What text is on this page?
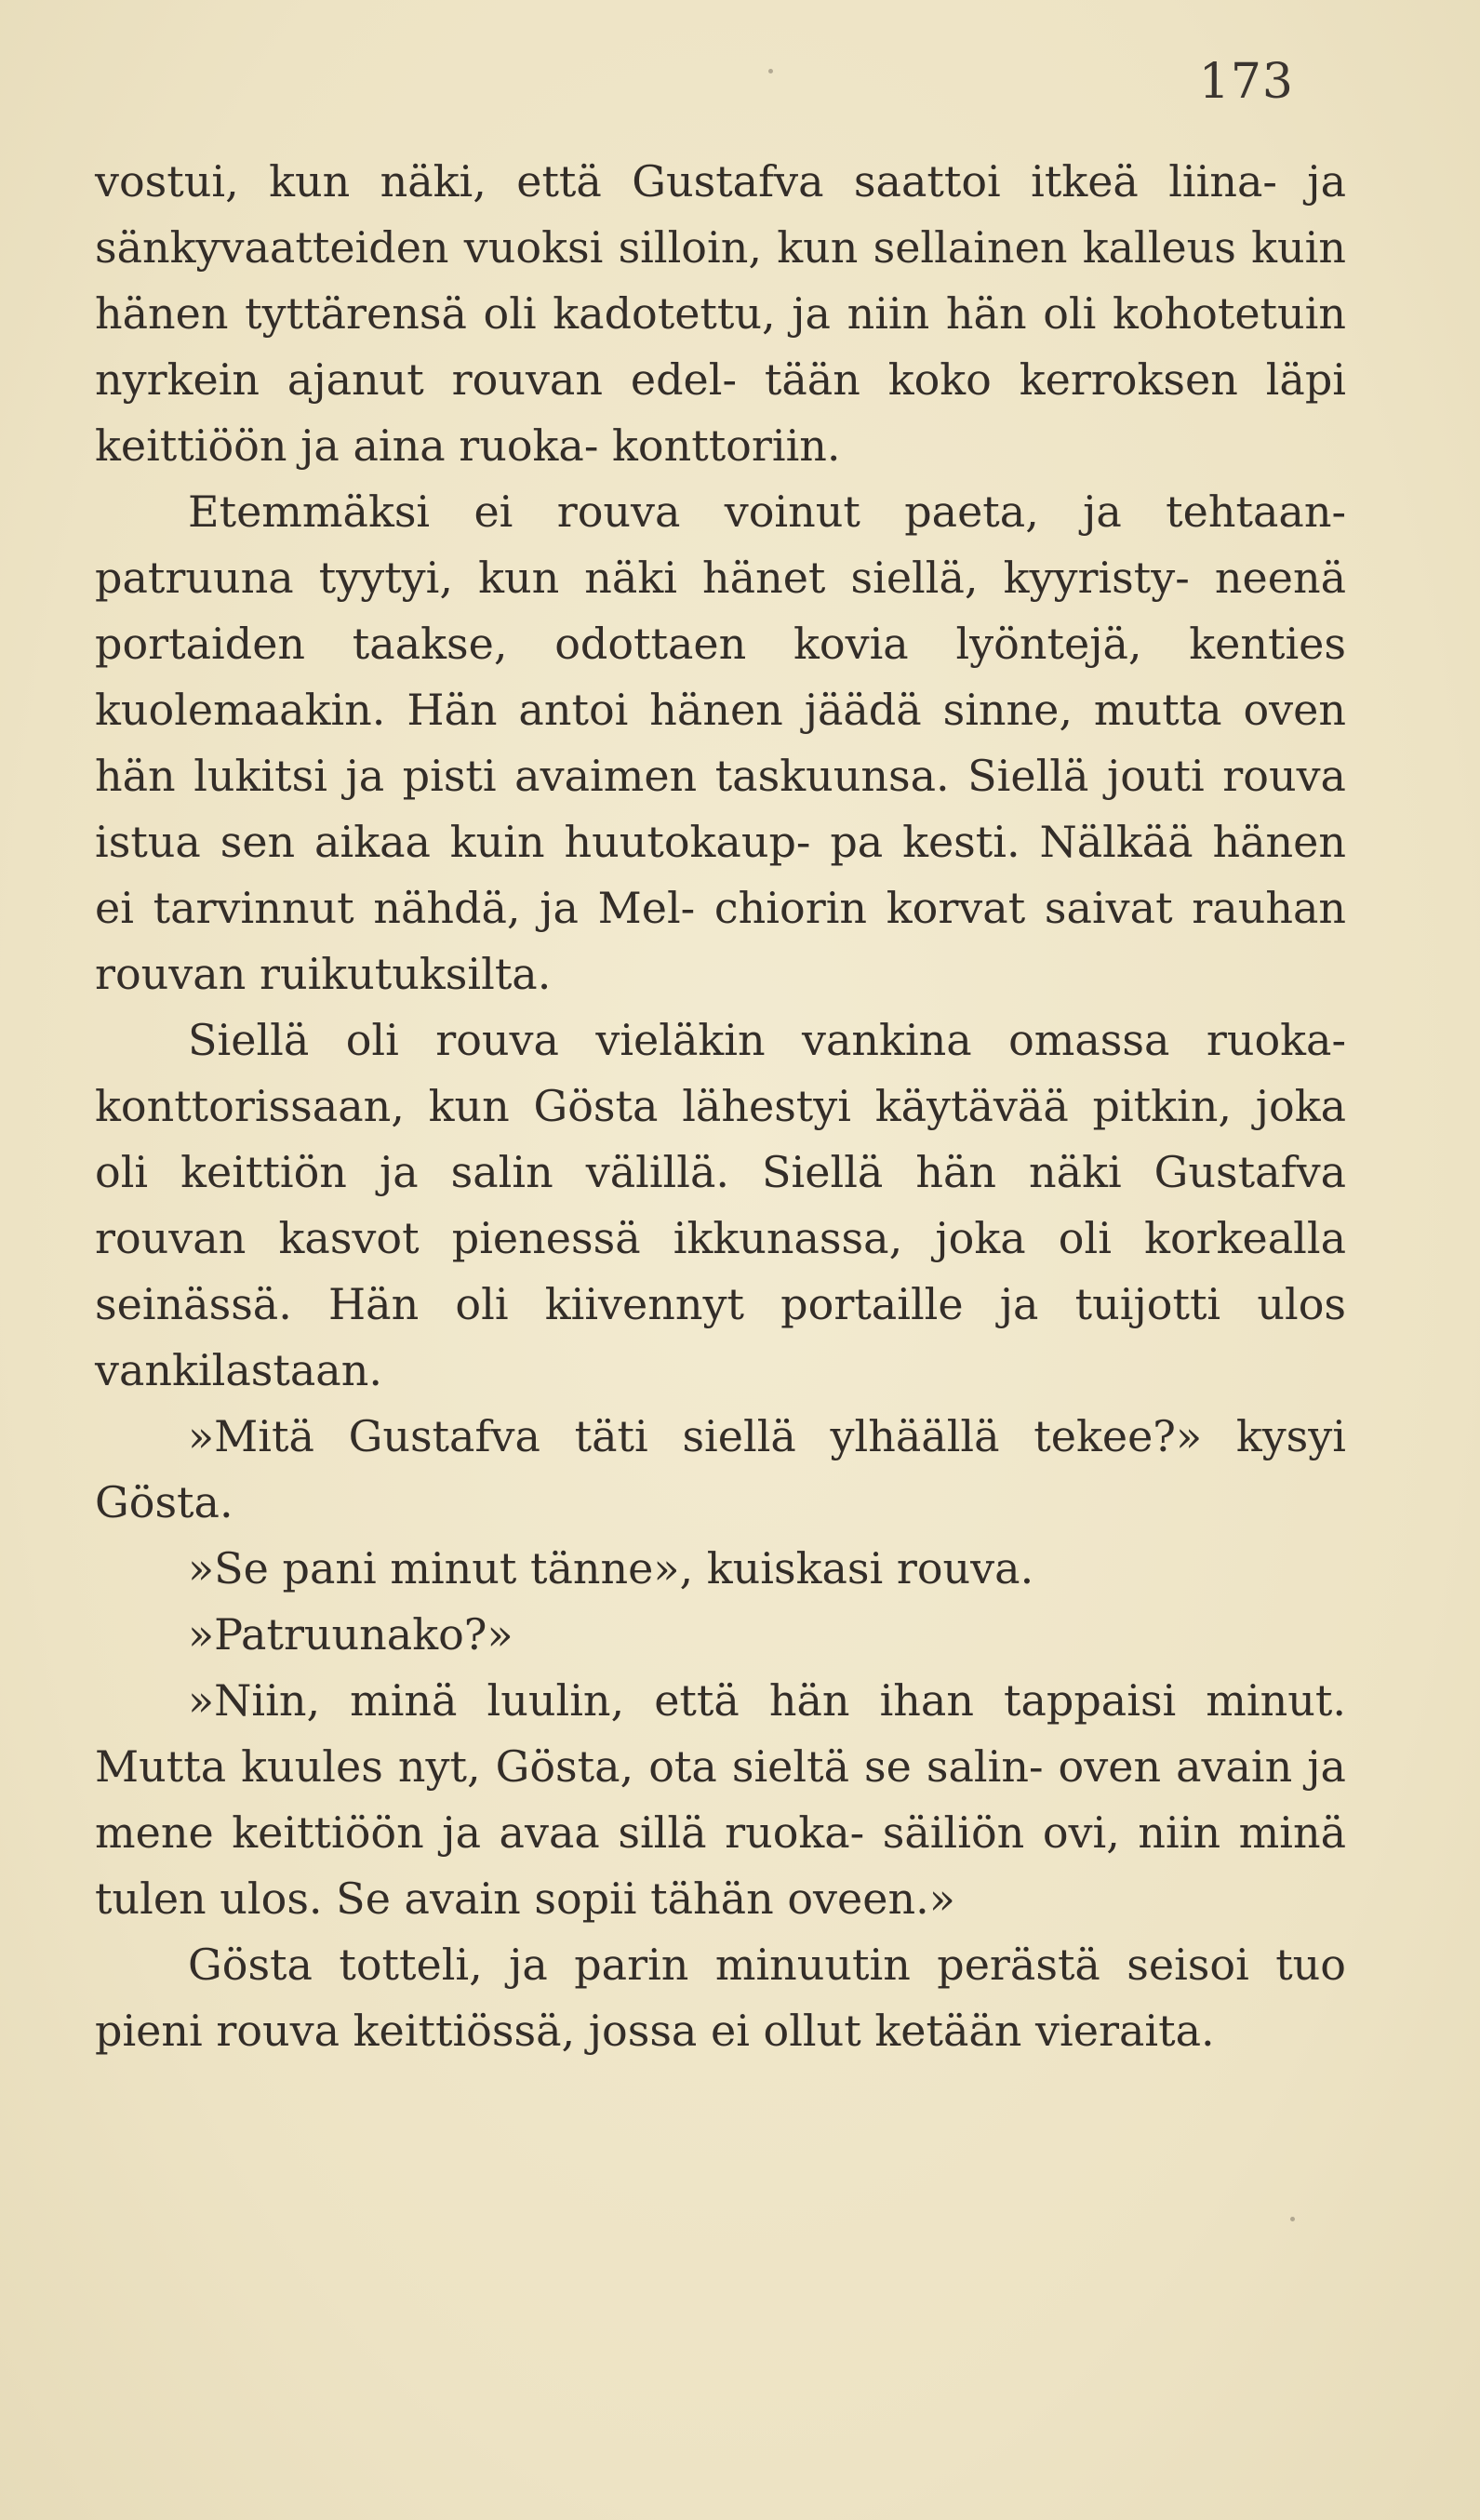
173

vostui, kun näki, että Gustafva saattoi itkeä liina- ja sänkyvaatteiden vuoksi silloin, kun sellainen kalleus kuin hänen tyttärensä oli kadotettu, ja niin hän oli kohotetuin nyrkein ajanut rouvan edel- tään koko kerroksen läpi keittiöön ja aina ruoka- konttoriin.

Etemmäksi ei rouva voinut paeta, ja tehtaan- patruuna tyytyi, kun näki hänet siellä, kyyristy- neenä portaiden taakse, odottaen kovia lyöntejä, kenties kuolemaakin. Hän antoi hänen jäädä sinne, mutta oven hän lukitsi ja pisti avaimen taskuunsa. Siellä jouti rouva istua sen aikaa kuin huutokaup- pa kesti. Nälkää hänen ei tarvinnut nähdä, ja Mel- chiorin korvat saivat rauhan rouvan ruikutuksilta.

Siellä oli rouva vieläkin vankina omassa ruoka- konttorissaan, kun Gösta lähestyi käytävää pitkin, joka oli keittiön ja salin välillä. Siellä hän näki Gustafva rouvan kasvot pienessä ikkunassa, joka oli korkealla seinässä. Hän oli kiivennyt portaille ja tuijotti ulos vankilastaan.

»Mitä Gustafva täti siellä ylhäällä tekee?» kysyi Gösta.

»Se pani minut tänne», kuiskasi rouva.

»Patruunako?»

»Niin, minä luulin, että hän ihan tappaisi minut. Mutta kuules nyt, Gösta, ota sieltä se salin- oven avain ja mene keittiöön ja avaa sillä ruoka- säiliön ovi, niin minä tulen ulos. Se avain sopii tähän oveen.»

Gösta totteli, ja parin minuutin perästä seisoi tuo pieni rouva keittiössä, jossa ei ollut ketään vieraita.
